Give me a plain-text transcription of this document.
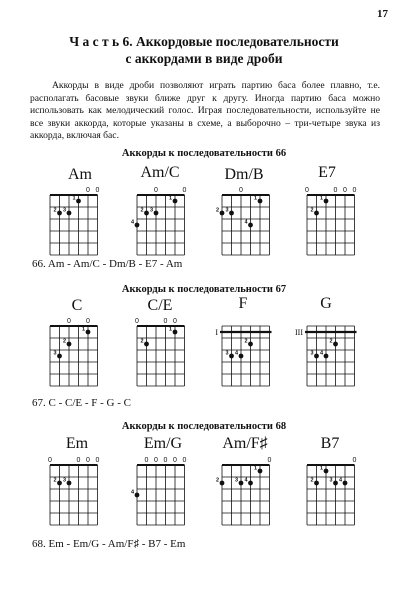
17
Ч а с т ь 6. Аккордовые последовательности
с аккордами в виде дроби
Аккорды в виде дроби позволяют играть партию баса более плавно, т.е. располагать басовые звуки ближе друг к другу. Иногда партию баса можно использовать как мелодический голос. Играя последовательности, используйте не все звуки аккорда, которые указаны в схеме, а выборочно – три-четыре звука из аккорда, включая бас.
Аккорды к последовательности 66
Am	Am/C	Dm/B	E7
0 0
2 3
1
0	0
4
2 3
1
0
2 3
4
1
0	0 0 0
2
1
66. Am - Am/C - Dm/B - E7 - Am
Аккорды к последовательности 67
C	C/E	F	G
0 0
3
2
1
0	0 0
2
1	I
3 4
2
III
3 4
2
67. C - C/E - F - G - C
Аккорды к последовательности 68
Em	Em/G	Am/F♯	B7
0	0 0 0
2 3
0 0 0 0 0
4
0
2	3 4
1
0
2
1
3 4
68. Em - Em/G - Am/F♯ - B7 - Em
